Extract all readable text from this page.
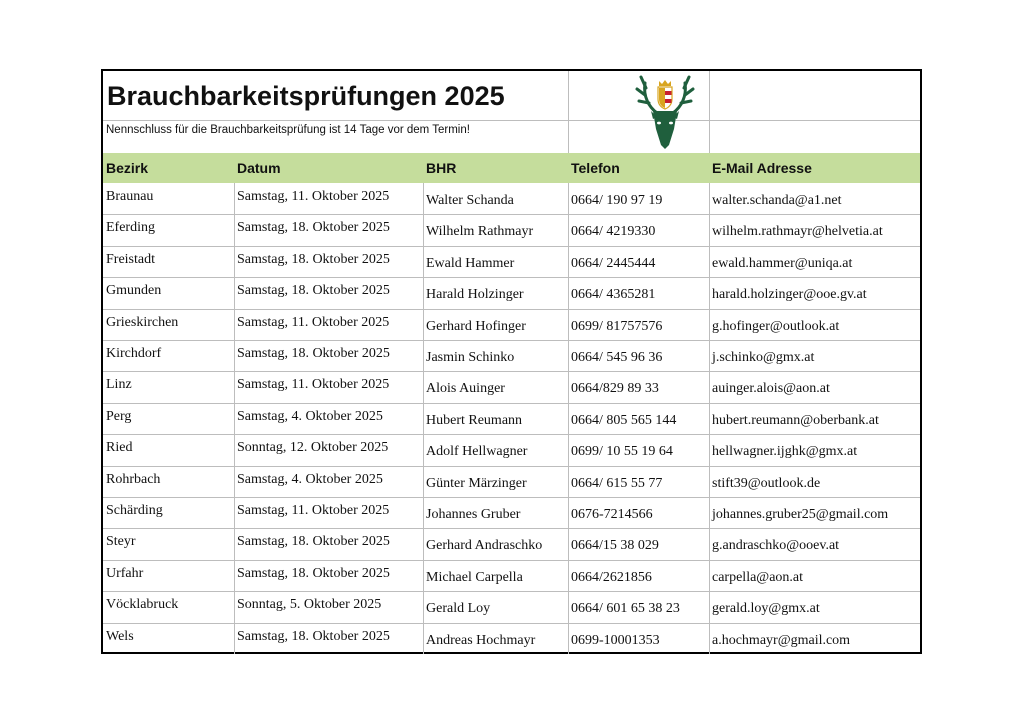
Brauchbarkeitsprüfungen 2025
Nennschluss für die Brauchbarkeitsprüfung ist 14 Tage vor dem Termin!
Bezirk	Datum	BHR	Telefon	E-Mail Adresse
Braunau	Samstag, 11. Oktober 2025	Walter Schanda	0664/ 190 97 19	walter.schanda@a1.net
Eferding	Samstag, 18. Oktober 2025	Wilhelm Rathmayr	0664/ 4219330	wilhelm.rathmayr@helvetia.at
Freistadt	Samstag, 18. Oktober 2025	Ewald Hammer	0664/ 2445444	ewald.hammer@uniqa.at
Gmunden	Samstag, 18. Oktober 2025	Harald Holzinger	0664/ 4365281	harald.holzinger@ooe.gv.at
Grieskirchen	Samstag, 11. Oktober 2025	Gerhard Hofinger	0699/ 81757576	g.hofinger@outlook.at
Kirchdorf	Samstag, 18. Oktober 2025	Jasmin Schinko	0664/ 545 96 36	j.schinko@gmx.at
Linz	Samstag, 11. Oktober 2025	Alois Auinger	0664/829 89 33	auinger.alois@aon.at
Perg	Samstag, 4. Oktober 2025	Hubert Reumann	0664/ 805 565 144	hubert.reumann@oberbank.at
Ried	Sonntag, 12. Oktober 2025	Adolf Hellwagner	0699/ 10 55 19 64	hellwagner.ijghk@gmx.at
Rohrbach	Samstag, 4. Oktober 2025	Günter Märzinger	0664/ 615 55 77	stift39@outlook.de
Schärding	Samstag, 11. Oktober 2025	Johannes Gruber	0676-7214566	johannes.gruber25@gmail.com
Steyr	Samstag, 18. Oktober 2025	Gerhard Andraschko 0664/15 38 029	g.andraschko@ooev.at
Urfahr	Samstag, 18. Oktober 2025	Michael Carpella	0664/2621856	carpella@aon.at
Vöcklabruck	Sonntag, 5. Oktober 2025	Gerald Loy	0664/ 601 65 38 23 gerald.loy@gmx.at
Wels	Samstag, 18. Oktober 2025	Andreas Hochmayr	0699-10001353	a.hochmayr@gmail.com
